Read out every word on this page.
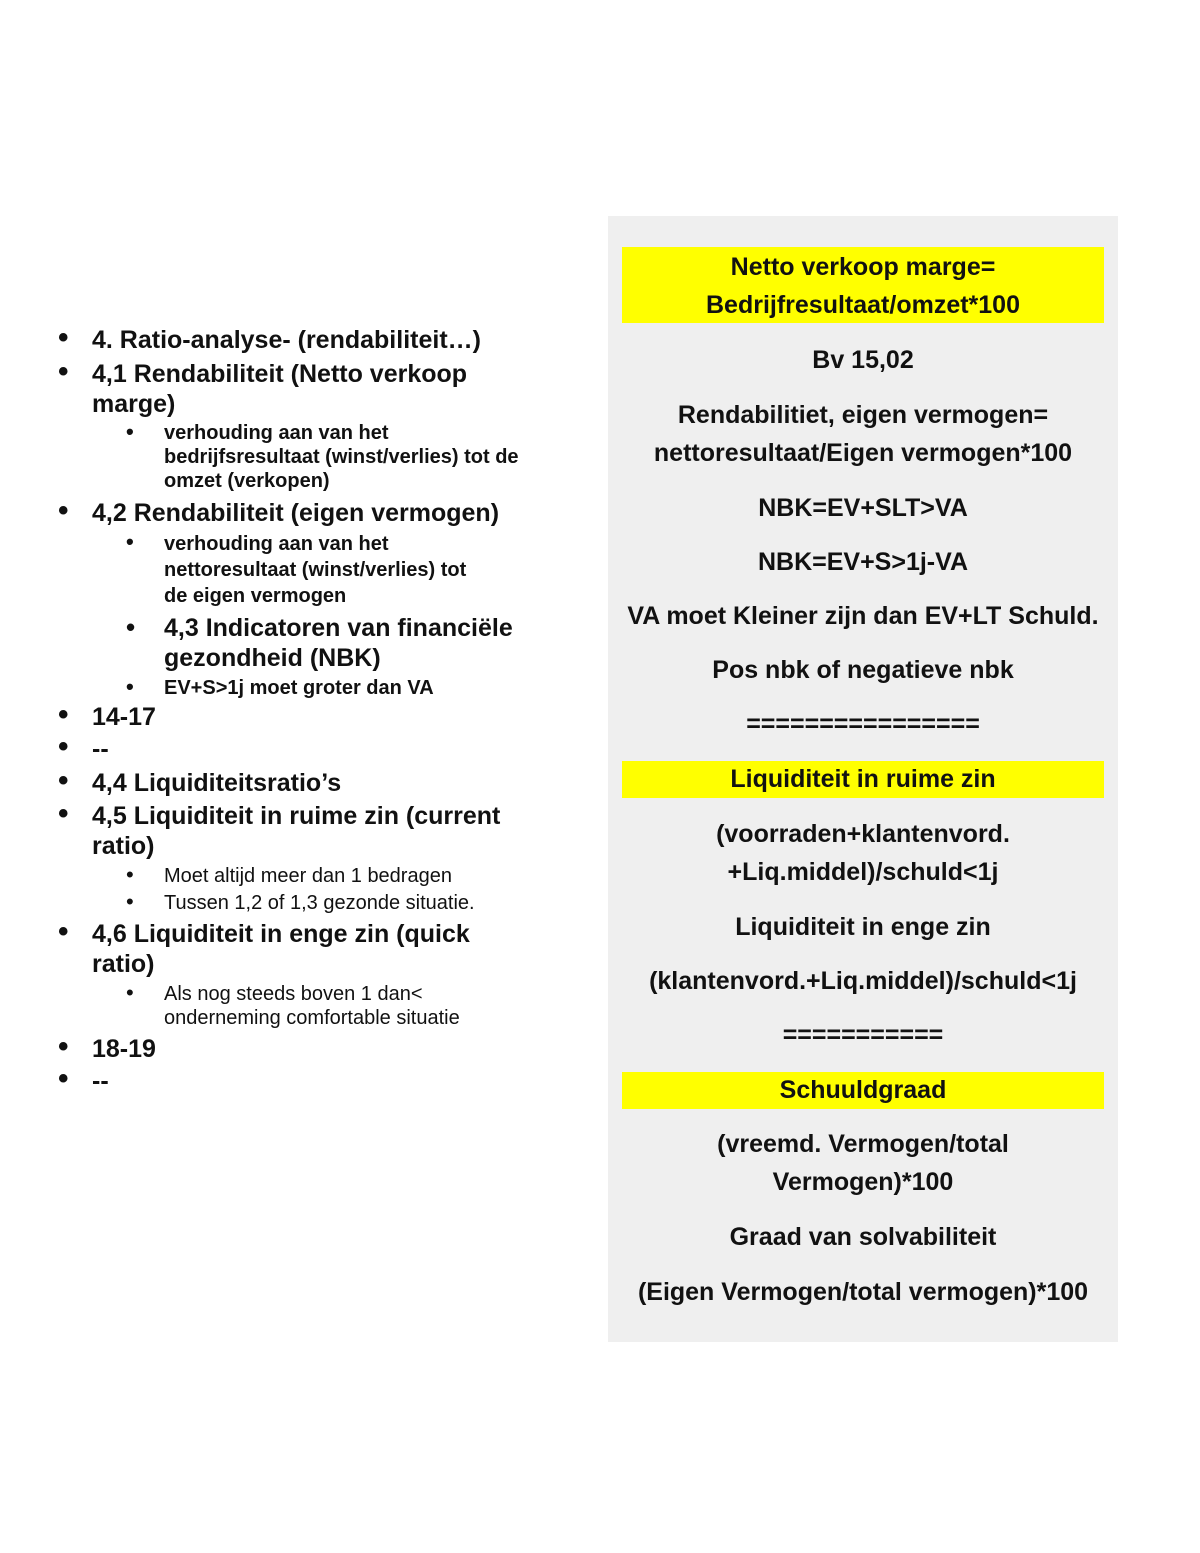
• 4. Ratio-analyse- (rendabiliteit…)
• 4,1 Rendabiliteit (Netto verkoop
marge)
• verhouding aan van het
bedrijfsresultaat (winst/verlies) tot de
omzet (verkopen)
• 4,2 Rendabiliteit (eigen vermogen)
• verhouding aan van het
nettoresultaat (winst/verlies) tot
de eigen vermogen
• 4,3 Indicatoren van financiële
gezondheid (NBK)
• EV+S>1j moet groter dan VA
• 14-17
• --
• 4,4 Liquiditeitsratio’s
• 4,5 Liquiditeit in ruime zin (current
ratio)
• Moet altijd meer dan 1 bedragen
• Tussen 1,2 of 1,3 gezonde situatie.
• 4,6 Liquiditeit in enge zin (quick
ratio)
• Als nog steeds boven 1 dan<
onderneming comfortable situatie
• 18-19
• --
Netto verkoop marge=
Bedrijfresultaat/omzet*100
Bv 15,02
Rendabilitiet, eigen vermogen=
nettoresultaat/Eigen vermogen*100
NBK=EV+SLT>VA
NBK=EV+S>1j-VA
VA moet Kleiner zijn dan EV+LT Schuld.
Pos nbk of negatieve nbk
================
Liquiditeit in ruime zin
(voorraden+klantenvord.
+Liq.middel)/schuld<1j
Liquiditeit in enge zin
(klantenvord.+Liq.middel)/schuld<1j
===========
Schuuldgraad
(vreemd. Vermogen/total
Vermogen)*100
Graad van solvabiliteit
(Eigen Vermogen/total vermogen)*100
